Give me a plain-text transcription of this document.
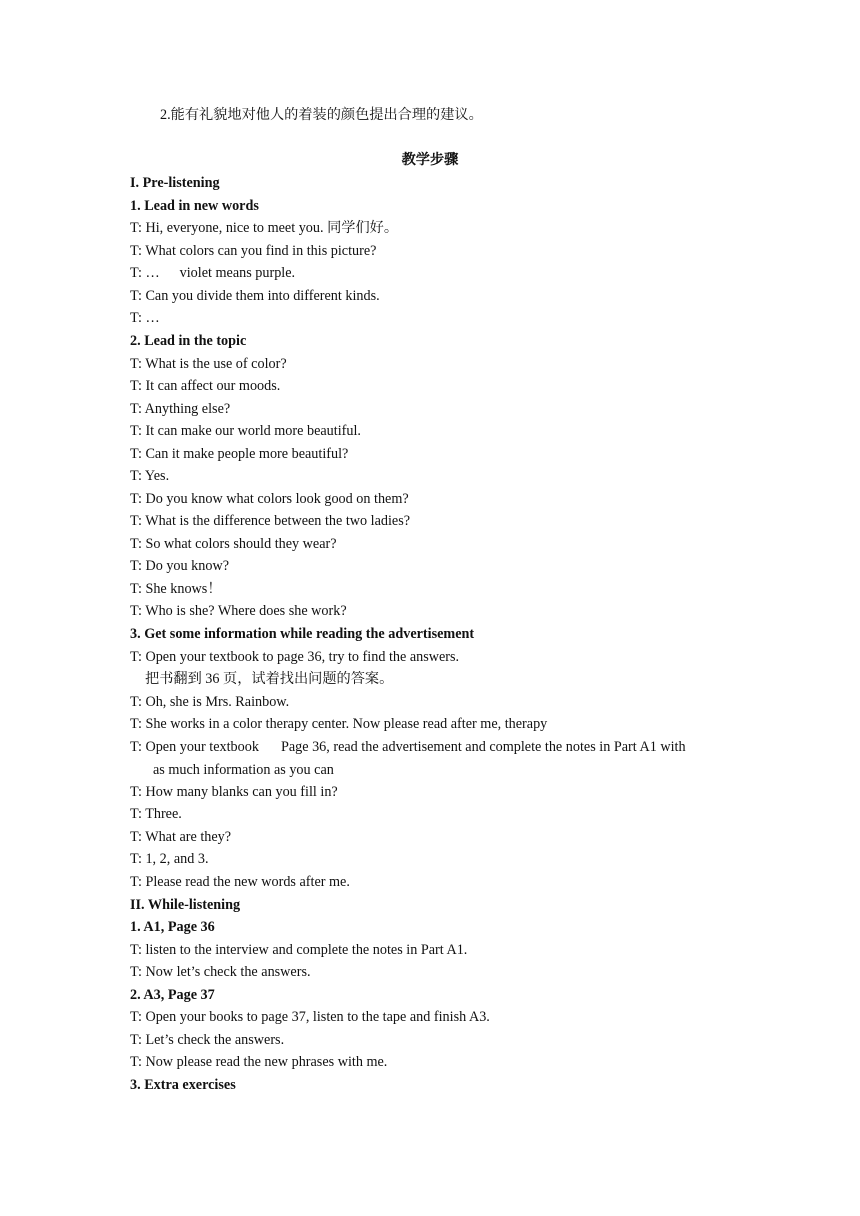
2.能有礼貌地对他人的着装的颜色提出合理的建议。
教学步骤
I. Pre-listening
1. Lead in new words
T: Hi, everyone, nice to meet you. 同学们好。
T: What colors can you find in this picture?
T: … violet means purple.
T: Can you divide them into different kinds.
T: …
2. Lead in the topic
T: What is the use of color?
T: It can affect our moods.
T: Anything else?
T: It can make our world more beautiful.
T: Can it make people more beautiful?
T: Yes.
T: Do you know what colors look good on them?
T: What is the difference between the two ladies?
T: So what colors should they wear?
T: Do you know?
T: She knows！
T: Who is she? Where does she work?
3. Get some information while reading the advertisement
T: Open your textbook to page 36, try to find the answers.
把书翻到 36 页，试着找出问题的答案。
T: Oh, she is Mrs. Rainbow.
T: She works in a color therapy center. Now please read after me, therapy
T: Open your textbook Page 36, read the advertisement and complete the notes in Part A1 with
as much information as you can
T: How many blanks can you fill in?
T: Three.
T: What are they?
T: 1, 2, and 3.
T: Please read the new words after me.
II. While-listening
1. A1, Page 36
T: listen to the interview and complete the notes in Part A1.
T: Now let’s check the answers.
2. A3, Page 37
T: Open your books to page 37, listen to the tape and finish A3.
T: Let’s check the answers.
T: Now please read the new phrases with me.
3. Extra exercises
